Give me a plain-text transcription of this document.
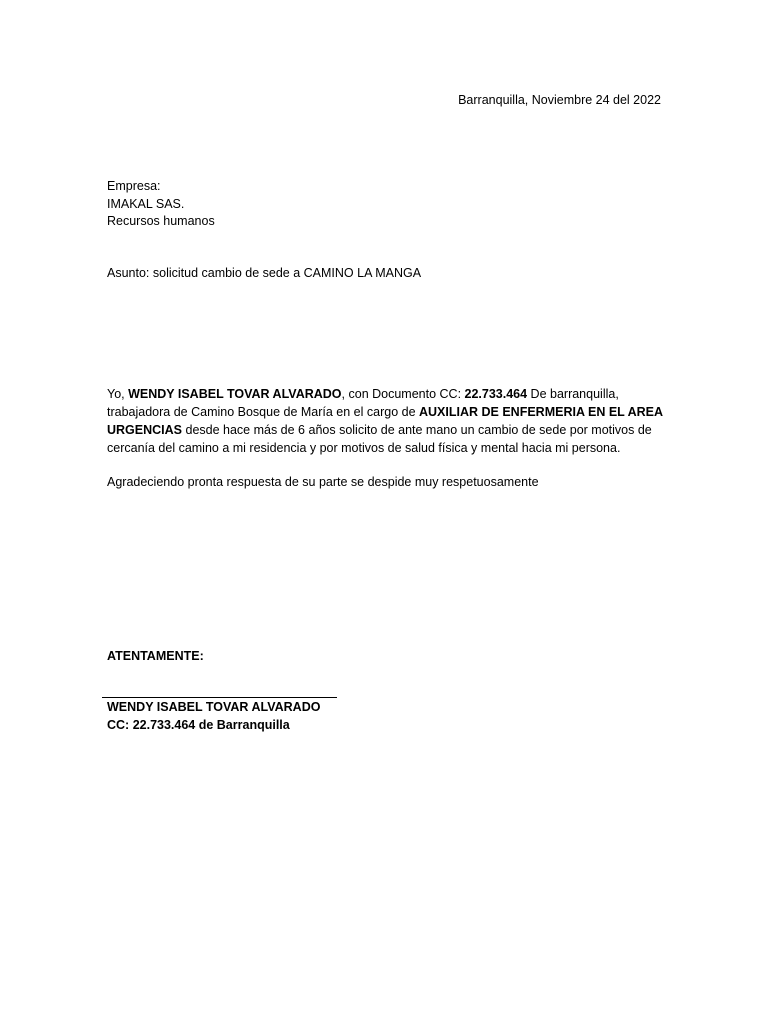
Barranquilla, Noviembre 24 del 2022
Empresa:
IMAKAL SAS.
Recursos humanos
Asunto: solicitud cambio de sede a CAMINO LA MANGA
Yo, WENDY ISABEL TOVAR ALVARADO, con Documento CC: 22.733.464 De barranquilla, trabajadora de Camino Bosque de María en el cargo de AUXILIAR DE ENFERMERIA EN EL AREA URGENCIAS desde hace más de 6 años solicito de ante mano un cambio de sede por motivos de cercanía del camino a mi residencia y por motivos de salud física y mental hacia mi persona.
Agradeciendo pronta respuesta de su parte se despide muy respetuosamente
ATENTAMENTE:
WENDY ISABEL TOVAR ALVARADO
CC: 22.733.464 de Barranquilla
